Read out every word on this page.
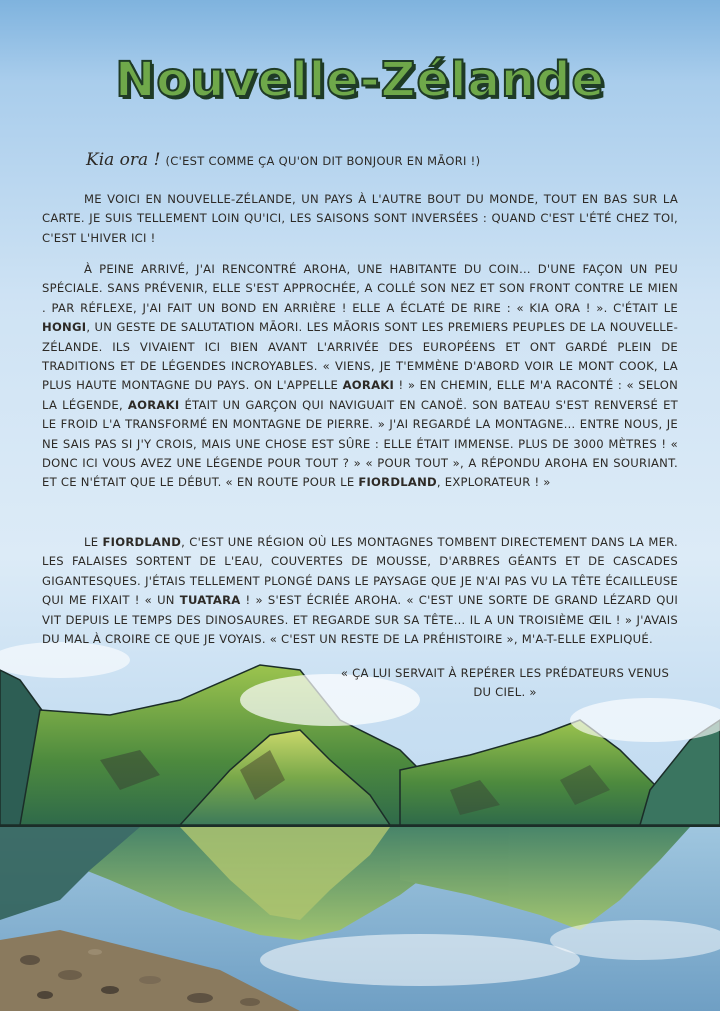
Nouvelle-Zélande
Kia ora ! (C'EST COMME ÇA QU'ON DIT BONJOUR EN MĀORI !)

ME VOICI EN NOUVELLE-ZÉLANDE, UN PAYS À L'AUTRE BOUT DU MONDE, TOUT EN BAS SUR LA CARTE. JE SUIS TELLEMENT LOIN QU'ICI, LES SAISONS SONT INVERSÉES : QUAND C'EST L'ÉTÉ CHEZ TOI, C'EST L'HIVER ICI !

À PEINE ARRIVÉ, J'AI RENCONTRÉ AROHA, UNE HABITANTE DU COIN… D'UNE FAÇON UN PEU SPÉCIALE. SANS PRÉVENIR, ELLE S'EST APPROCHÉE, A COLLÉ SON NEZ ET SON FRONT CONTRE LE MIEN . PAR RÉFLEXE, J'AI FAIT UN BOND EN ARRIÈRE ! ELLE A ÉCLATÉ DE RIRE : « KIA ORA ! ». C'ÉTAIT LE HONGI, UN GESTE DE SALUTATION MĀORI. LES MĀORIS SONT LES PREMIERS PEUPLES DE LA NOUVELLE-ZÉLANDE. ILS VIVAIENT ICI BIEN AVANT L'ARRIVÉE DES EUROPÉENS ET ONT GARDÉ PLEIN DE TRADITIONS ET DE LÉGENDES INCROYABLES. « VIENS, JE T'EMMÈNE D'ABORD VOIR LE MONT COOK, LA PLUS HAUTE MONTAGNE DU PAYS. ON L'APPELLE AORAKI ! » EN CHEMIN, ELLE M'A RACONTÉ : « SELON LA LÉGENDE, AORAKI ÉTAIT UN GARÇON QUI NAVIGUAIT EN CANOË. SON BATEAU S'EST RENVERSÉ ET LE FROID L'A TRANSFORMÉ EN MONTAGNE DE PIERRE. » J'AI REGARDÉ LA MONTAGNE… ENTRE NOUS, JE NE SAIS PAS SI J'Y CROIS, MAIS UNE CHOSE EST SÛRE : ELLE ÉTAIT IMMENSE. PLUS DE 3000 MÈTRES ! « DONC ICI VOUS AVEZ UNE LÉGENDE POUR TOUT ? » « POUR TOUT », A RÉPONDU AROHA EN SOURIANT. ET CE N'ÉTAIT QUE LE DÉBUT. « EN ROUTE POUR LE FIORDLAND, EXPLORATEUR ! »

LE FIORDLAND, C'EST UNE RÉGION OÙ LES MONTAGNES TOMBENT DIRECTEMENT DANS LA MER. LES FALAISES SORTENT DE L'EAU, COUVERTES DE MOUSSE, D'ARBRES GÉANTS ET DE CASCADES GIGANTESQUES. J'ÉTAIS TELLEMENT PLONGÉ DANS LE PAYSAGE QUE JE N'AI PAS VU LA TÊTE ÉCAILLEUSE QUI ME FIXAIT ! « UN TUATARA ! » S'EST ÉCRIÉE AROHA. « C'EST UNE SORTE DE GRAND LÉZARD QUI VIT DEPUIS LE TEMPS DES DINOSAURES. ET REGARDE SUR SA TÊTE… IL A UN TROISIÈME ŒIL ! » J'AVAIS DU MAL À CROIRE CE QUE JE VOYAIS. « C'EST UN RESTE DE LA PRÉHISTOIRE », M'A-T-ELLE EXPLIQUÉ.

« ÇA LUI SERVAIT À REPÉRER LES PRÉDATEURS VENUS DU CIEL. »
